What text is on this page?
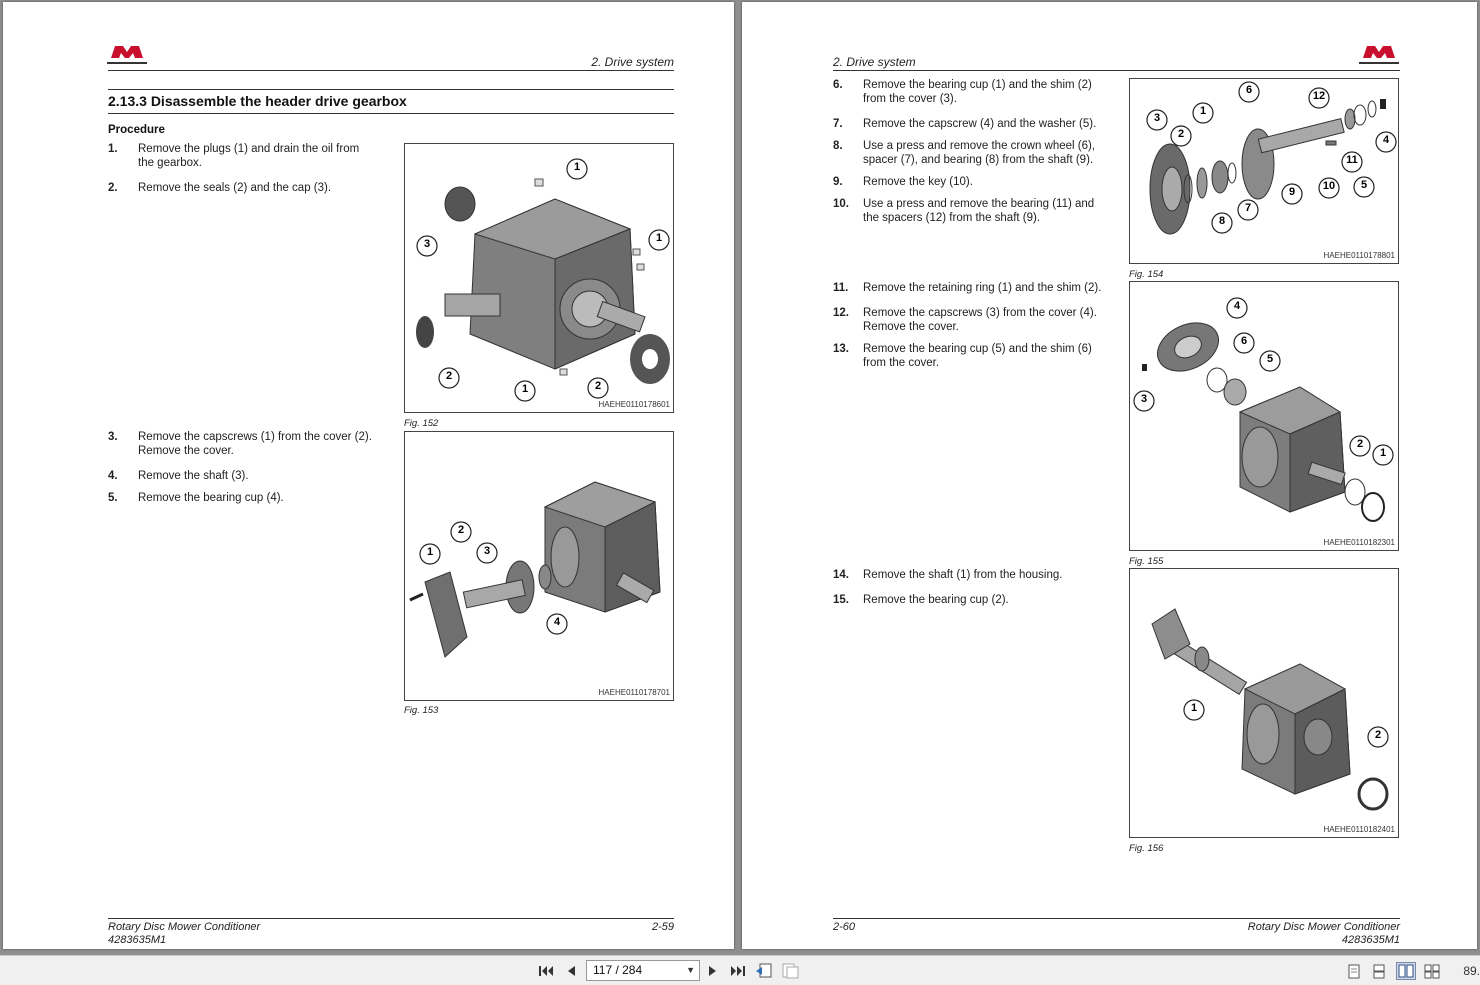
2. Drive system
2.13.3 Disassemble the header drive gearbox
Procedure
1.	Remove the plugs (1) and drain the oil from the gearbox.
2.	Remove the seals (2) and the cap (3).
1
3	1
2
1	2
HAEHE0110178601
Fig. 152
3.	Remove the capscrews (1) from the cover (2). Remove the cover.
4.	Remove the shaft (3).
5.	Remove the bearing cup (4).
1
2
3
4
HAEHE0110178701
Fig. 153
Rotary Disc Mower Conditioner
4283635M1
2-59
2. Drive system
6.	Remove the bearing cup (1) and the shim (2) from the cover (3).
7.	Remove the capscrew (4) and the washer (5).
8.	Use a press and remove the crown wheel (6), spacer (7), and bearing (8) from the shaft (9).
9.	Remove the key (10).
10.	Use a press and remove the bearing (11) and the spacers (12) from the shaft (9).
6	12
3
1
2	4
11
5
10
9
8
7
HAEHE0110178801
Fig. 154
11.	Remove the retaining ring (1) and the shim (2).
12.	Remove the capscrews (3) from the cover (4). Remove the cover.
13.	Remove the bearing cup (5) and the shim (6) from the cover.
4
6
5
3
2
1
HAEHE0110182301
Fig. 155
14.	Remove the shaft (1) from the housing.
15.	Remove the bearing cup (2).
1
2
HAEHE0110182401
Fig. 156
2-60	Rotary Disc Mower Conditioner
4283635M1
117 / 284	▼	89.
